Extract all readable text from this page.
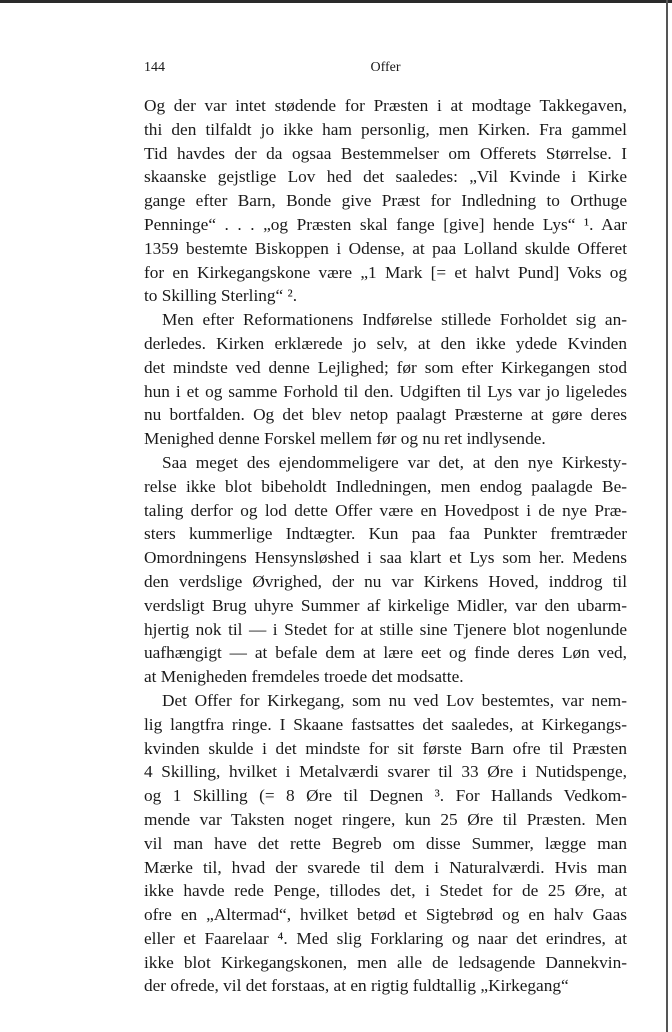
144	Offer

Og der var intet stødende for Præsten i at modtage Takkegaven,
thi den tilfaldt jo ikke ham personlig, men Kirken. Fra gammel
Tid havdes der da ogsaa Bestemmelser om Offerets Størrelse. I
skaanske gejstlige Lov hed det saaledes: „Vil Kvinde i Kirke
gange efter Barn, Bonde give Præst for Indledning to Orthuge
Penninge“ . . . „og Præsten skal fange [give] hende Lys“ ¹. Aar
1359 bestemte Biskoppen i Odense, at paa Lolland skulde Offeret
for en Kirkegangskone være „1 Mark [= et halvt Pund] Voks og
to Skilling Sterling“ ².

Men efter Reformationens Indførelse stillede Forholdet sig an-
derledes. Kirken erklærede jo selv, at den ikke ydede Kvinden
det mindste ved denne Lejlighed; før som efter Kirkegangen stod
hun i et og samme Forhold til den. Udgiften til Lys var jo ligeledes
nu bortfalden. Og det blev netop paalagt Præsterne at gøre deres
Menighed denne Forskel mellem før og nu ret indlysende.

Saa meget des ejendommeligere var det, at den nye Kirkesty-
relse ikke blot bibeholdt Indledningen, men endog paalagde Be-
taling derfor og lod dette Offer være en Hovedpost i de nye Præ-
sters kummerlige Indtægter. Kun paa faa Punkter fremtræder
Omordningens Hensynsløshed i saa klart et Lys som her. Medens
den verdslige Øvrighed, der nu var Kirkens Hoved, inddrog til
verdsligt Brug uhyre Summer af kirkelige Midler, var den ubarm-
hjertig nok til — i Stedet for at stille sine Tjenere blot nogenlunde
uafhængigt — at befale dem at lære eet og finde deres Løn ved,
at Menigheden fremdeles troede det modsatte.

Det Offer for Kirkegang, som nu ved Lov bestemtes, var nem-
lig langtfra ringe. I Skaane fastsattes det saaledes, at Kirkegangs-
kvinden skulde i det mindste for sit første Barn ofre til Præsten
4 Skilling, hvilket i Metalværdi svarer til 33 Øre i Nutidspenge,
og 1 Skilling (= 8 Øre til Degnen ³. For Hallands Vedkom-
mende var Taksten noget ringere, kun 25 Øre til Præsten. Men
vil man have det rette Begreb om disse Summer, lægge man
Mærke til, hvad der svarede til dem i Naturalværdi. Hvis man
ikke havde rede Penge, tillodes det, i Stedet for de 25 Øre, at
ofre en „Altermad“, hvilket betød et Sigtebrød og en halv Gaas
eller et Faarelaar ⁴. Med slig Forklaring og naar det erindres, at
ikke blot Kirkegangskonen, men alle de ledsagende Dannekvin-
der ofrede, vil det forstaas, at en rigtig fuldtallig „Kirkegang“
